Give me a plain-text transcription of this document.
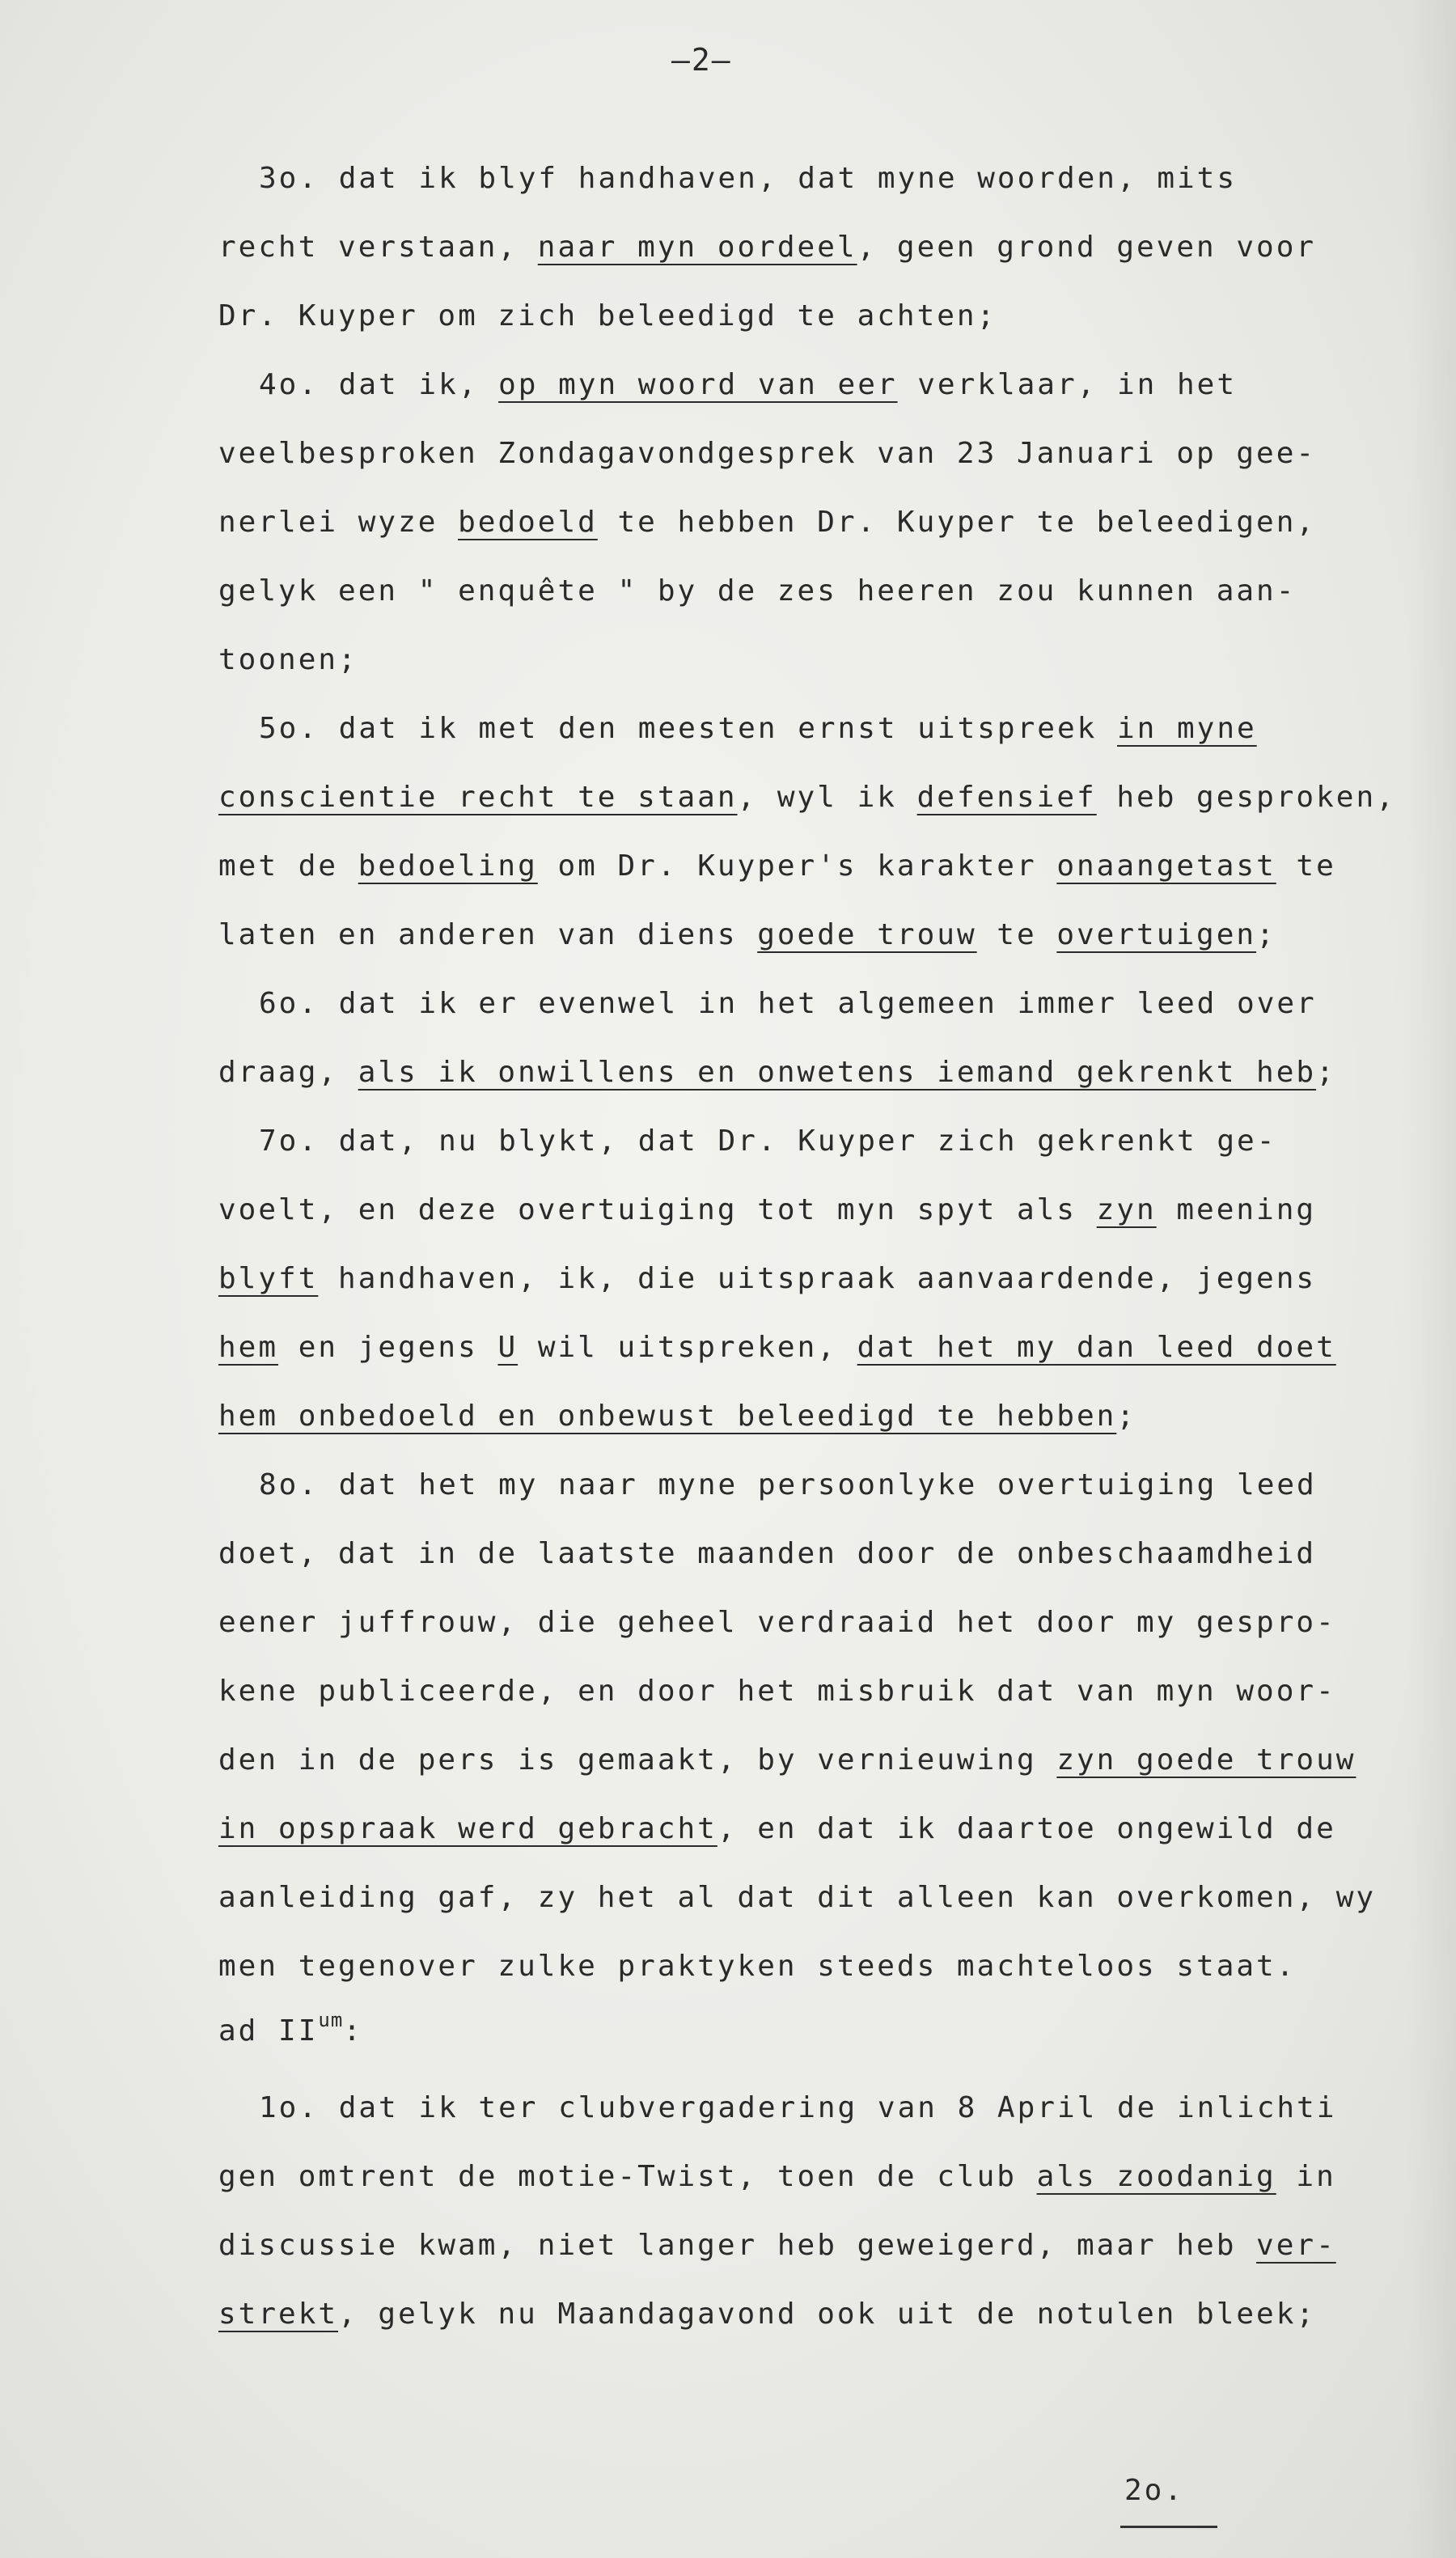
—2—
3o. dat ik blyf handhaven, dat myne woorden, mits
recht verstaan, naar myn oordeel, geen grond geven voor
Dr. Kuyper om zich beleedigd te achten;
4o. dat ik, op myn woord van eer verklaar, in het
veelbesproken Zondagavondgesprek van 23 Januari op gee-
nerlei wyze bedoeld te hebben Dr. Kuyper te beleedigen,
gelyk een " enquête " by de zes heeren zou kunnen aan-
toonen;
5o. dat ik met den meesten ernst uitspreek in myne
conscientie recht te staan, wyl ik defensief heb gesproken,
met de bedoeling om Dr. Kuyper's karakter onaangetast te
laten en anderen van diens goede trouw te overtuigen;
6o. dat ik er evenwel in het algemeen immer leed over
draag, als ik onwillens en onwetens iemand gekrenkt heb;
7o. dat, nu blykt, dat Dr. Kuyper zich gekrenkt ge-
voelt, en deze overtuiging tot myn spyt als zyn meening
blyft handhaven, ik, die uitspraak aanvaardende, jegens
hem en jegens U wil uitspreken, dat het my dan leed doet
hem onbedoeld en onbewust beleedigd te hebben;
8o. dat het my naar myne persoonlyke overtuiging leed
doet, dat in de laatste maanden door de onbeschaamdheid
eener juffrouw, die geheel verdraaid het door my gespro-
kene publiceerde, en door het misbruik dat van myn woor-
den in de pers is gemaakt, by vernieuwing zyn goede trouw
in opspraak werd gebracht, en dat ik daartoe ongewild de
aanleiding gaf, zy het al dat dit alleen kan overkomen, wy
men tegenover zulke praktyken steeds machteloos staat.
ad $II^{um}$:
1o. dat ik ter clubvergadering van 8 April de inlichti
gen omtrent de motie-Twist, toen de club als zoodanig in
discussie kwam, niet langer heb geweigerd, maar heb ver-
strekt, gelyk nu Maandagavond ook uit de notulen bleek;
2o.
